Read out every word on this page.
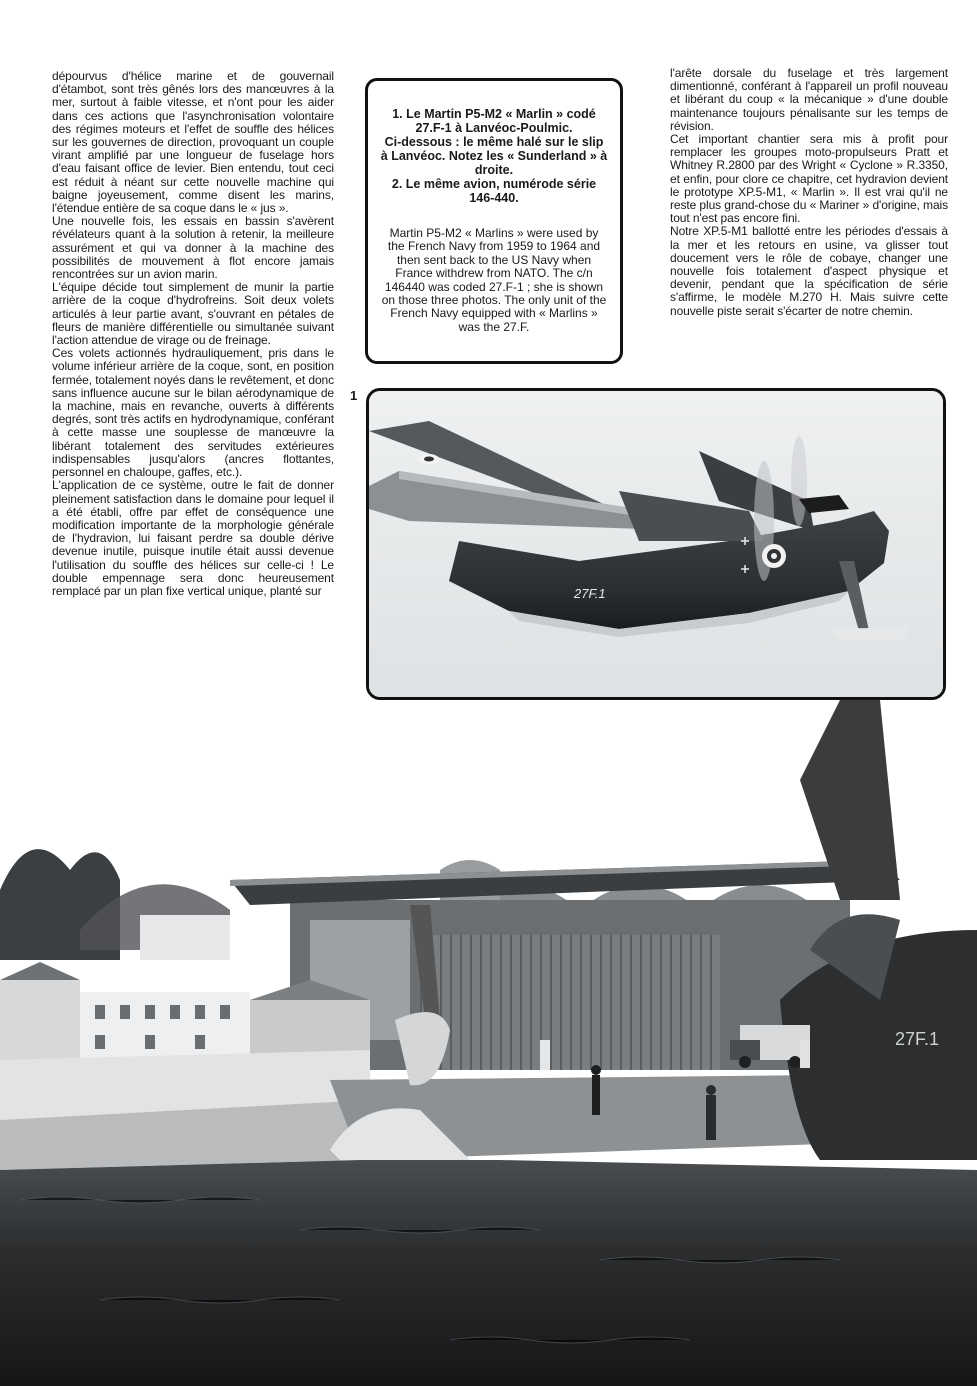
dépourvus d'hélice marine et de gouvernail d'étambot, sont très gênés lors des manœuvres à la mer, surtout à faible vitesse, et n'ont pour les aider dans ces actions que l'asynchronisation volontaire des régimes moteurs et l'effet de souffle des hélices sur les gouvernes de direction, provoquant un couple virant amplifié par une longueur de fuselage hors d'eau faisant office de levier. Bien entendu, tout ceci est réduit à néant sur cette nouvelle machine qui baigne joyeusement, comme disent les marins, l'étendue entière de sa coque dans le « jus ».

Une nouvelle fois, les essais en bassin s'avèrent révélateurs quant à la solution à retenir, la meilleure assurément et qui va donner à la machine des possibilités de mouvement à flot encore jamais rencontrées sur un avion marin.

L'équipe décide tout simplement de munir la partie arrière de la coque d'hydrofreins. Soit deux volets articulés à leur partie avant, s'ouvrant en pétales de fleurs de manière différentielle ou simultanée suivant l'action attendue de virage ou de freinage.

Ces volets actionnés hydrauliquement, pris dans le volume inférieur arrière de la coque, sont, en position fermée, totalement noyés dans le revêtement, et donc sans influence aucune sur le bilan aérodynamique de la machine, mais en revanche, ouverts à différents degrés, sont très actifs en hydrodynamique, conférant à cette masse une souplesse de manœuvre la libérant totalement des servitudes extérieures indispensables jusqu'alors (ancres flottantes, personnel en chaloupe, gaffes, etc.).

L'application de ce système, outre le fait de donner pleinement satisfaction dans le domaine pour lequel il a été établi, offre par effet de conséquence une modification importante de la morphologie générale de l'hydravion, lui faisant perdre sa double dérive devenue inutile, puisque inutile était aussi devenue l'utilisation du souffle des hélices sur celle-ci ! Le double empennage sera donc heureusement remplacé par un plan fixe vertical unique, planté sur

1. Le Martin P5-M2 « Marlin » codé 27.F-1 à Lanvéoc-Poulmic.

Ci-dessous : le même halé sur le slip à Lanvéoc. Notez les « Sunderland » à droite.

2. Le même avion, numérode série 146-440.

Martin P5-M2 « Marlins » were used by the French Navy from 1959 to 1964 and then sent back to the US Navy when France withdrew from NATO. The c/n 146440 was coded 27.F-1 ; she is shown on those three photos. The only unit of the French Navy equipped with « Marlins » was the 27.F.

l'arête dorsale du fuselage et très largement dimentionné, conférant à l'appareil un profil nouveau et libérant du coup « la mécanique » d'une double maintenance toujours pénalisante sur les temps de révision.

Cet important chantier sera mis à profit pour remplacer les groupes moto-propulseurs Pratt et Whitney R.2800 par des Wright « Cyclone » R.3350, et enfin, pour clore ce chapitre, cet hydravion devient le prototype XP.5-M1, « Marlin ». Il est vrai qu'il ne reste plus grand-chose du « Mariner » d'origine, mais tout n'est pas encore fini.

Notre XP.5-M1 ballotté entre les périodes d'essais à la mer et les retours en usine, va glisser tout doucement vers le rôle de cobaye, changer une nouvelle fois totalement d'aspect physique et devenir, pendant que la spécification de série s'affirme, le modèle M.270 H. Mais suivre cette nouvelle piste serait s'écarter de notre chemin.

1
27F.1
27F.1
